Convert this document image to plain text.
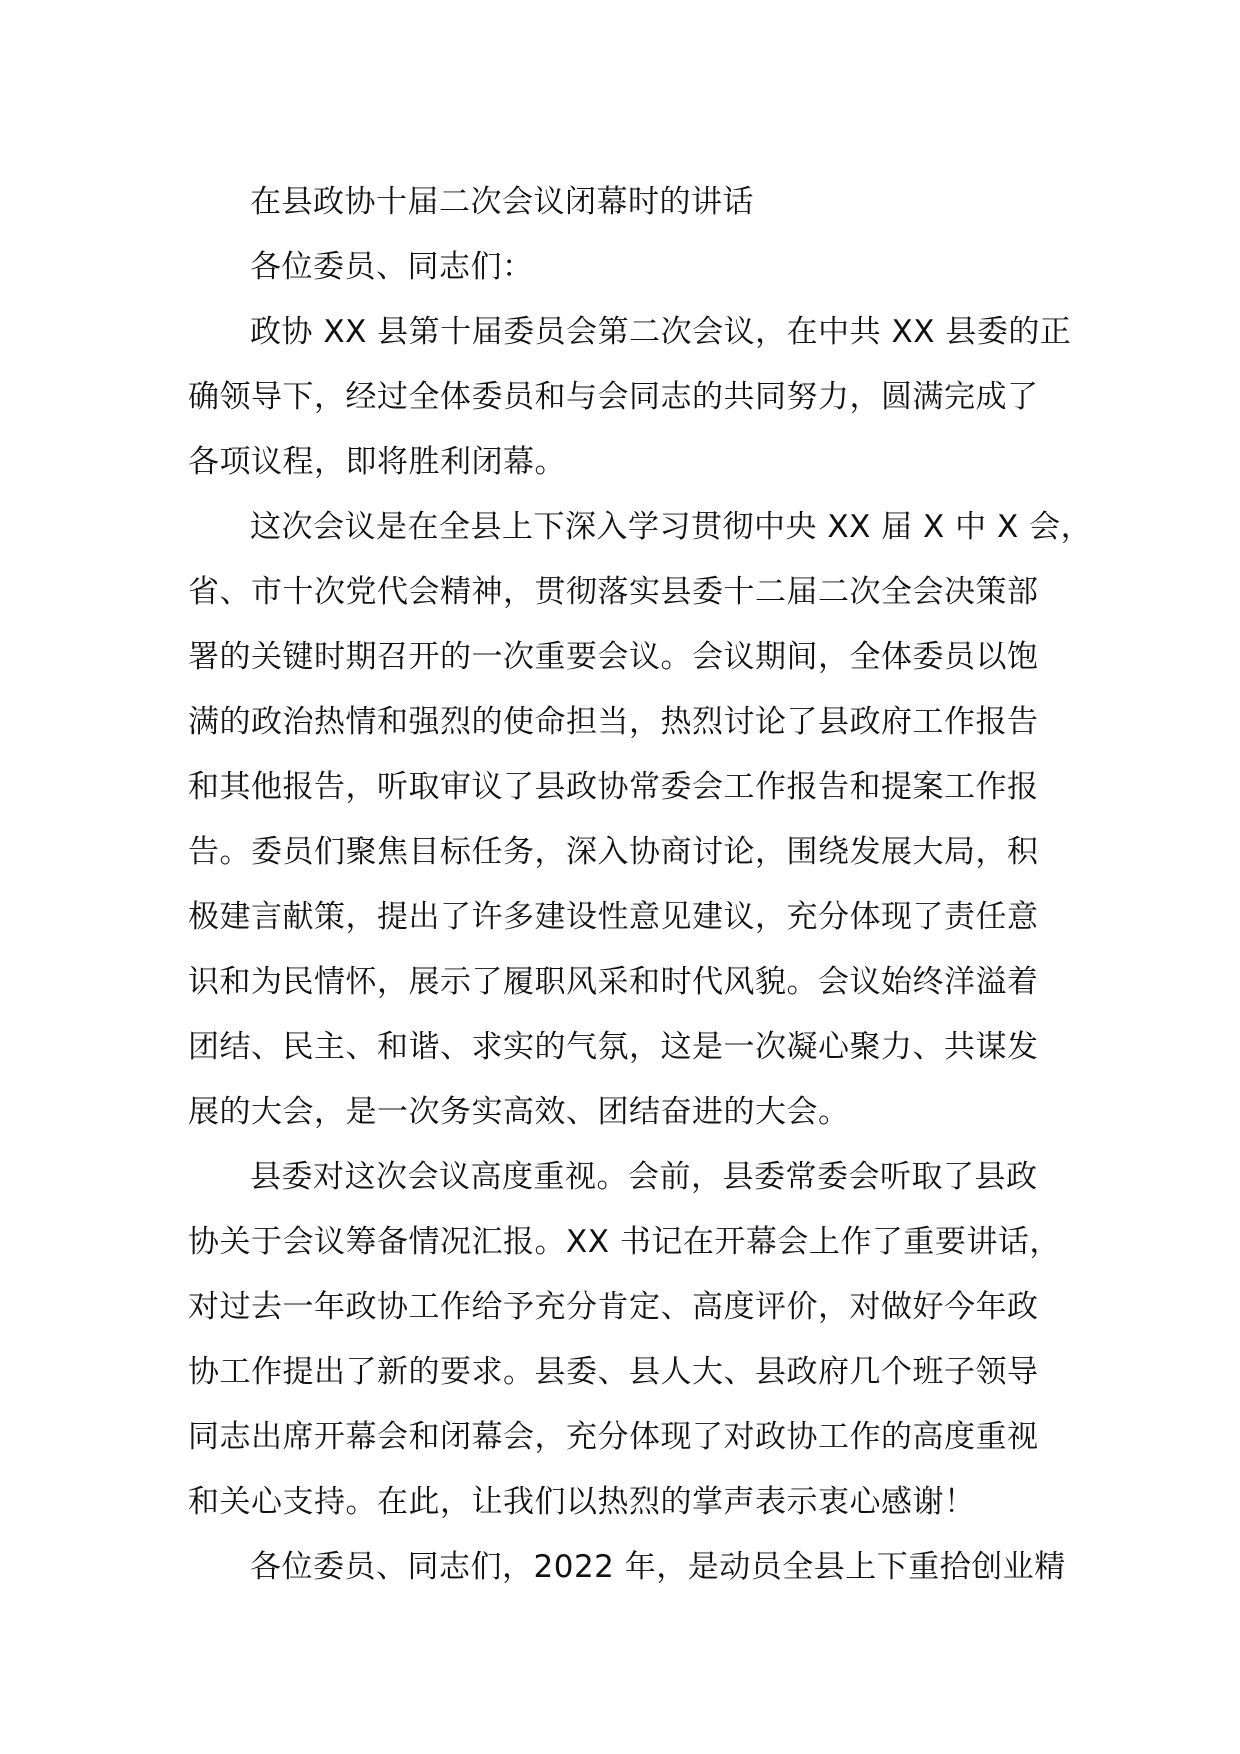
在县政协十届二次会议闭幕时的讲话
各位委员、同志们：
政协 XX 县第十届委员会第二次会议，在中共 XX 县委的正
确领导下，经过全体委员和与会同志的共同努力，圆满完成了
各项议程，即将胜利闭幕。
这次会议是在全县上下深入学习贯彻中央 XX 届 X 中 X 会，
省、市十次党代会精神，贯彻落实县委十二届二次全会决策部
署的关键时期召开的一次重要会议。会议期间，全体委员以饱
满的政治热情和强烈的使命担当，热烈讨论了县政府工作报告
和其他报告，听取审议了县政协常委会工作报告和提案工作报
告。委员们聚焦目标任务，深入协商讨论，围绕发展大局，积
极建言献策，提出了许多建设性意见建议，充分体现了责任意
识和为民情怀，展示了履职风采和时代风貌。会议始终洋溢着
团结、民主、和谐、求实的气氛，这是一次凝心聚力、共谋发
展的大会，是一次务实高效、团结奋进的大会。
县委对这次会议高度重视。会前，县委常委会听取了县政
协关于会议筹备情况汇报。XX 书记在开幕会上作了重要讲话，
对过去一年政协工作给予充分肯定、高度评价，对做好今年政
协工作提出了新的要求。县委、县人大、县政府几个班子领导
同志出席开幕会和闭幕会，充分体现了对政协工作的高度重视
和关心支持。在此，让我们以热烈的掌声表示衷心感谢！
各位委员、同志们，2022 年，是动员全县上下重拾创业精
